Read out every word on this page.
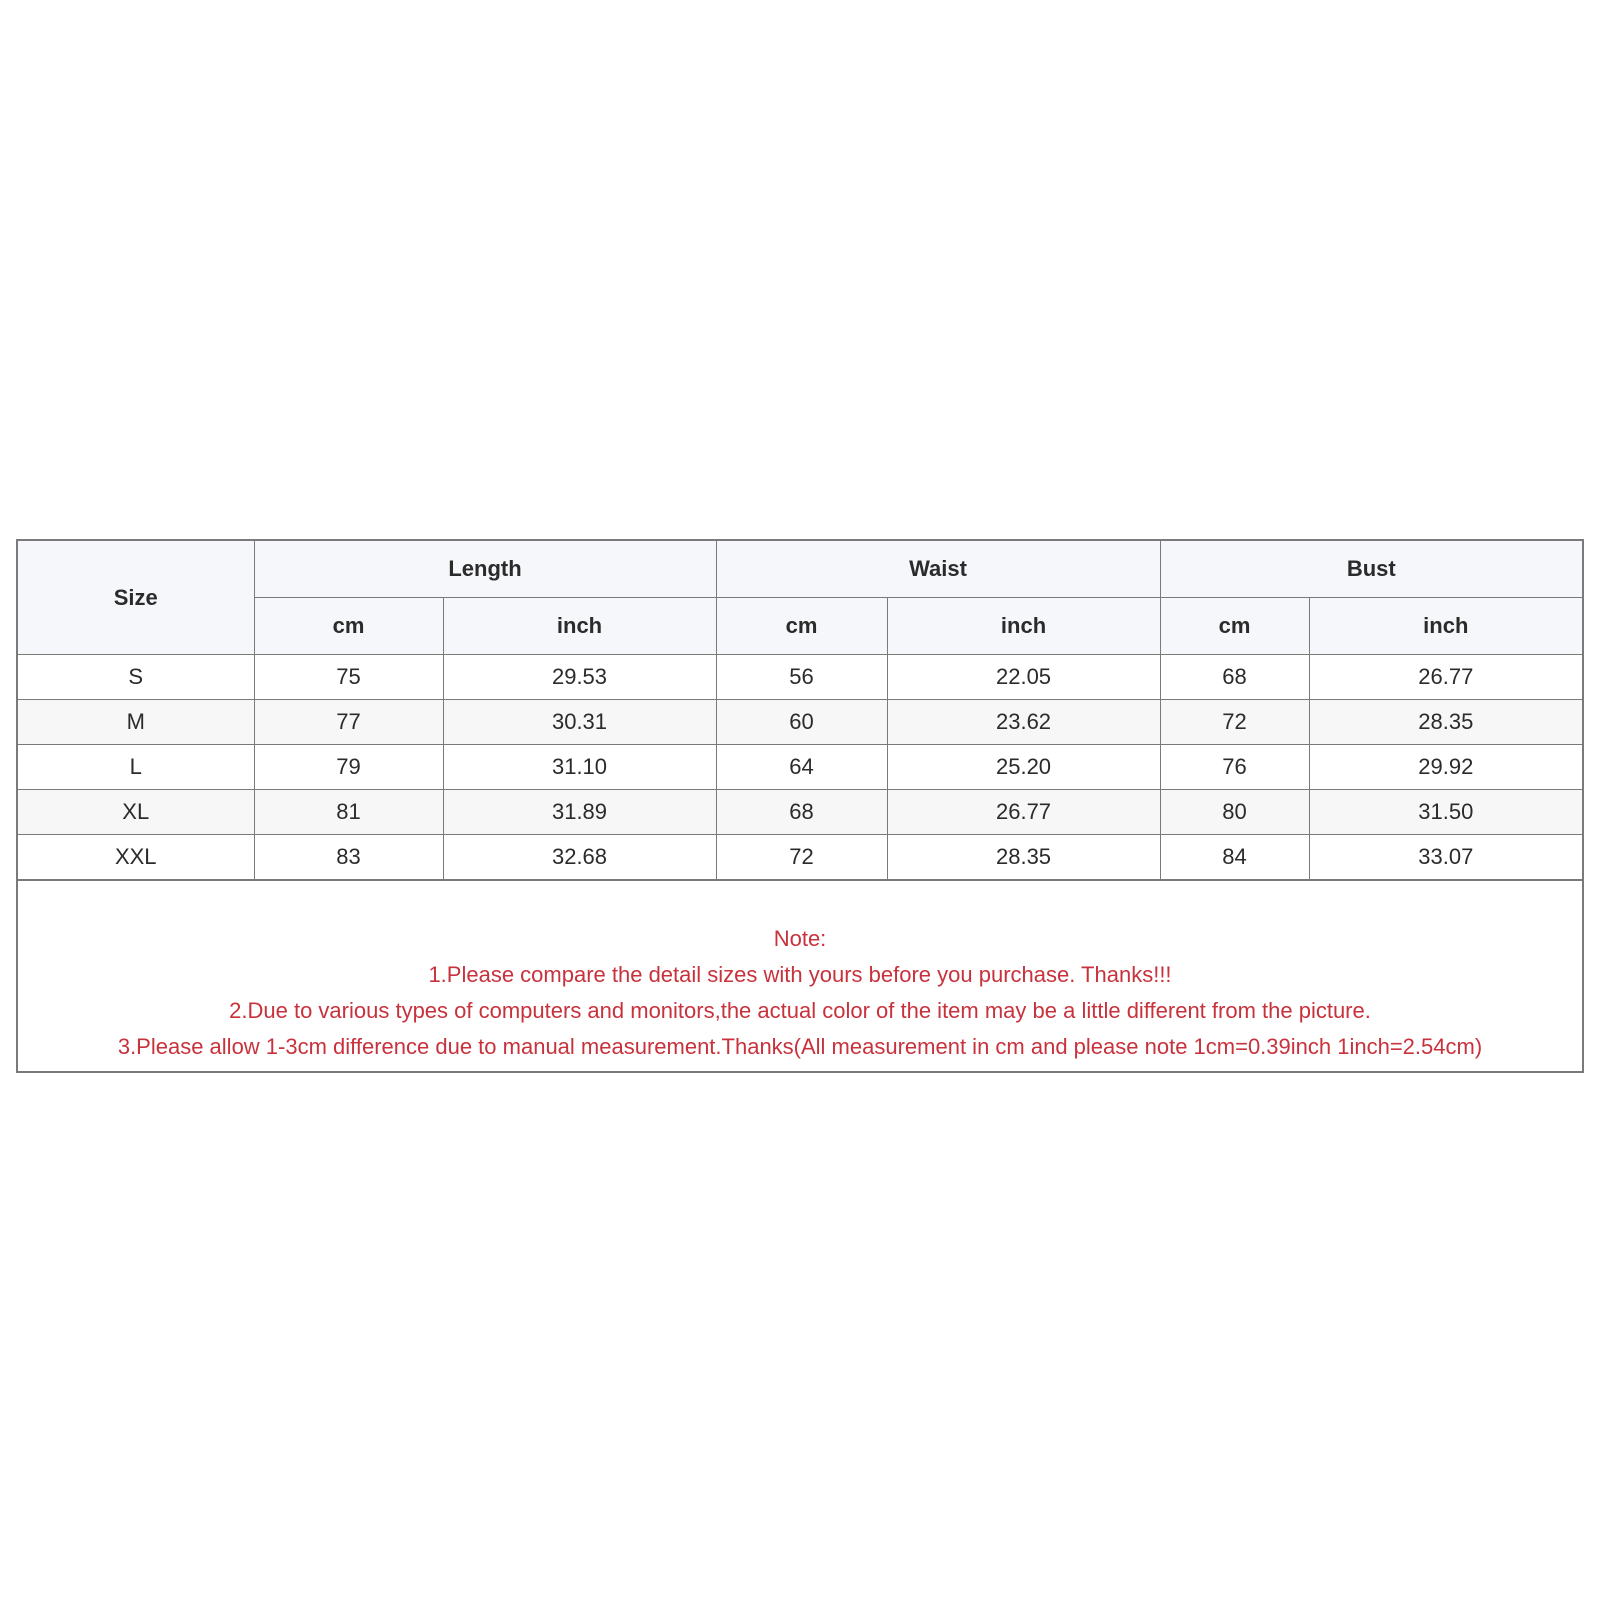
Size	Length		Waist		Bust	
	cm	inch	cm	inch	cm	inch
S	75	29.53	56	22.05	68	26.77
M	77	30.31	60	23.62	72	28.35
L	79	31.10	64	25.20	76	29.92
XL	81	31.89	68	26.77	80	31.50
XXL	83	32.68	72	28.35	84	33.07
Note:
1.Please compare the detail sizes with yours before you purchase. Thanks!!!
2.Due to various types of computers and monitors,the actual color of the item may be a little different from the picture.
3.Please allow 1-3cm difference due to manual measurement.Thanks(All measurement in cm and please note 1cm=0.39inch 1inch=2.54cm)
